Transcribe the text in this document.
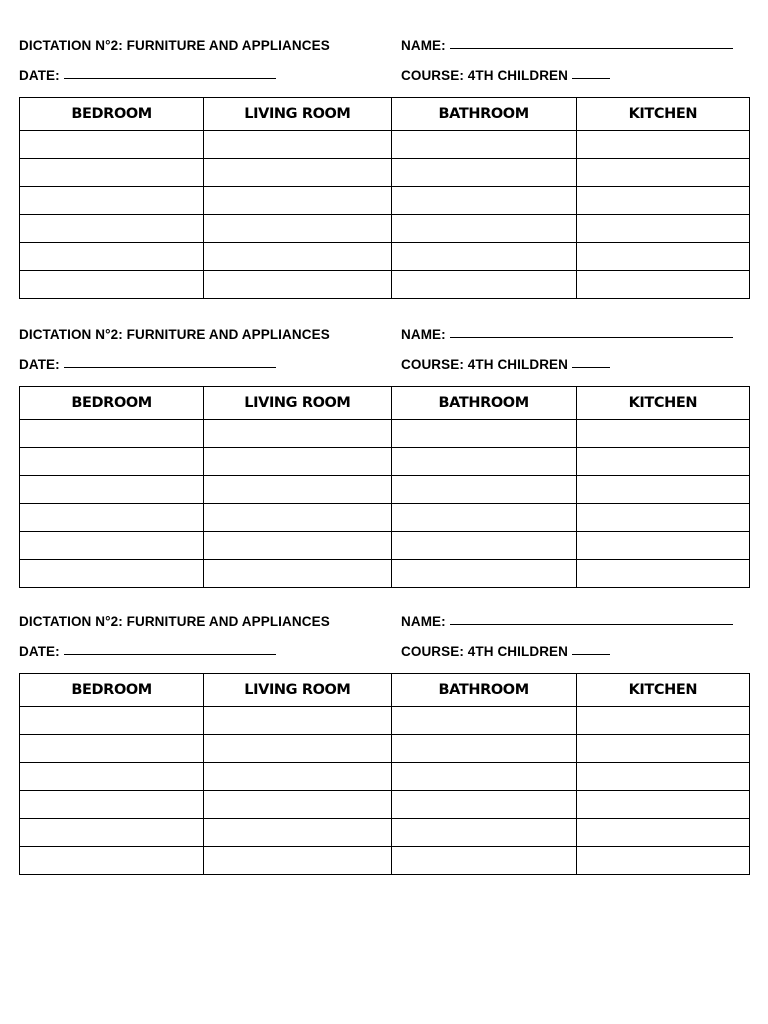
DICTATION N°2: FURNITURE AND APPLIANCES	NAME:
DATE:	COURSE: 4TH CHILDREN
BEDROOM	LIVING ROOM	BATHROOM	KITCHEN

DICTATION N°2: FURNITURE AND APPLIANCES	NAME:
DATE:	COURSE: 4TH CHILDREN
BEDROOM	LIVING ROOM	BATHROOM	KITCHEN

DICTATION N°2: FURNITURE AND APPLIANCES	NAME:
DATE:	COURSE: 4TH CHILDREN
BEDROOM	LIVING ROOM	BATHROOM	KITCHEN
